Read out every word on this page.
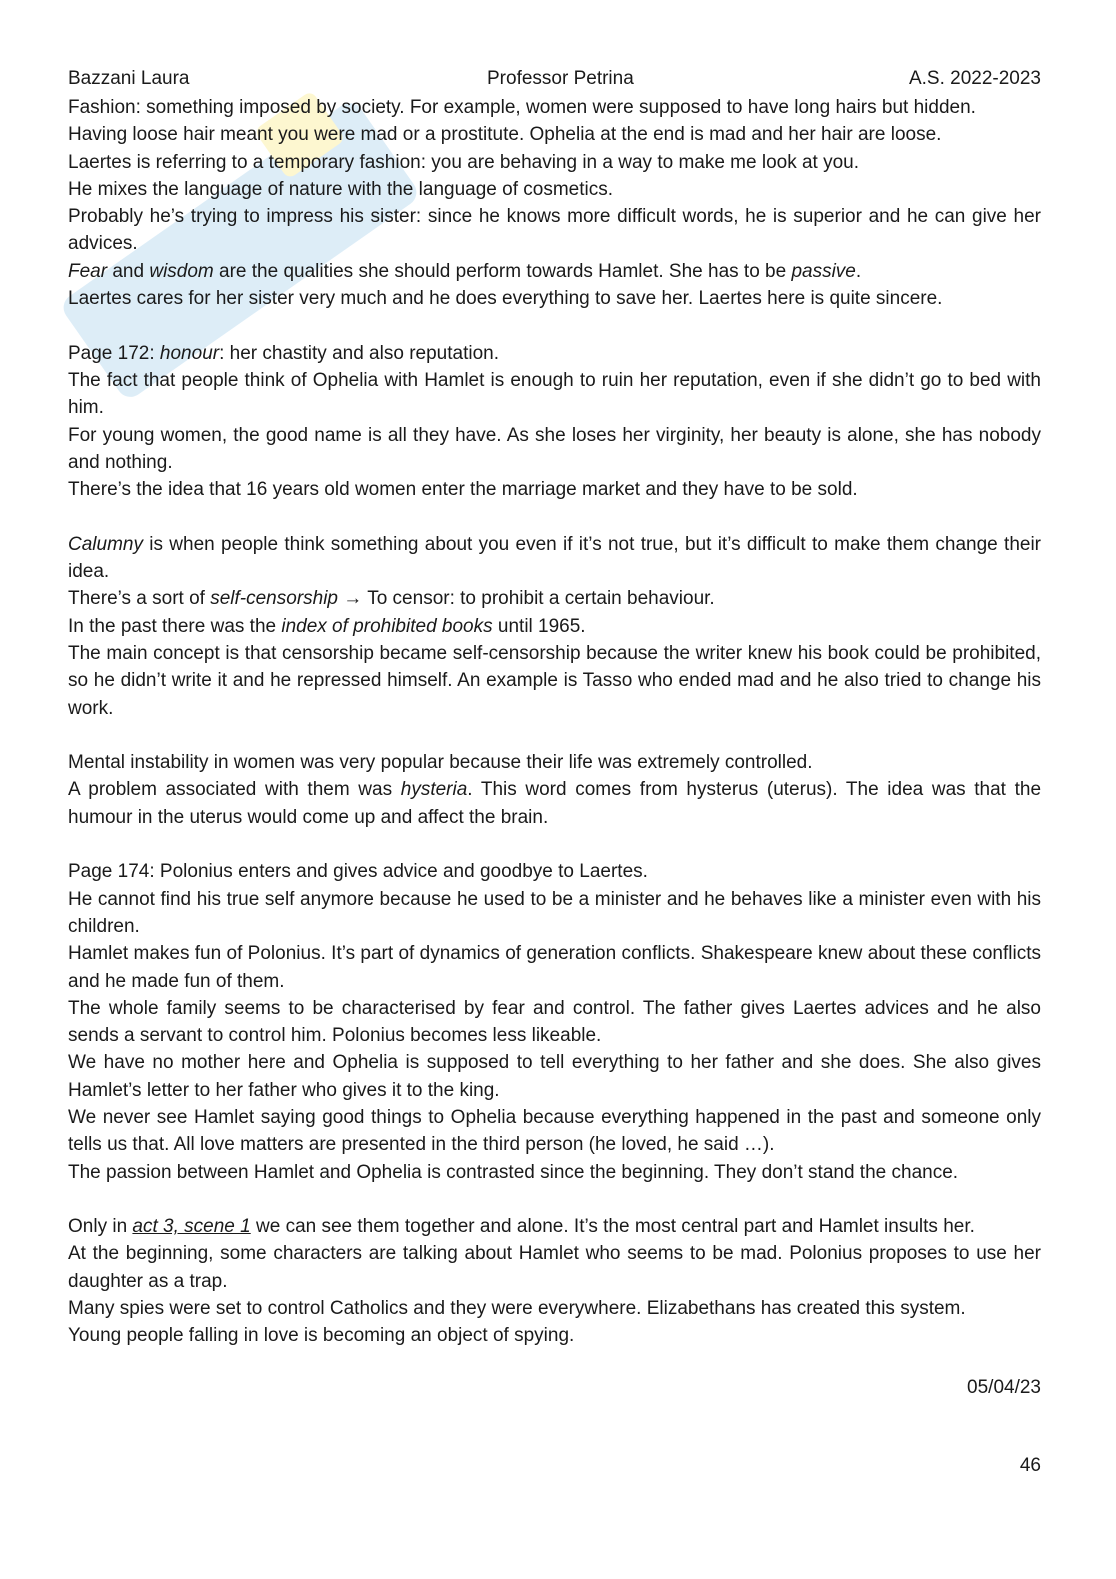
Bazzani Laura	Professor Petrina	A.S. 2022-2023

Fashion: something imposed by society. For example, women were supposed to have long hairs but hidden.

Having loose hair meant you were mad or a prostitute. Ophelia at the end is mad and her hair are loose.

Laertes is referring to a temporary fashion: you are behaving in a way to make me look at you.

He mixes the language of nature with the language of cosmetics.

Probably he’s trying to impress his sister: since he knows more difficult words, he is superior and he can give her advices.

Fear and wisdom are the qualities she should perform towards Hamlet. She has to be passive.

Laertes cares for her sister very much and he does everything to save her. Laertes here is quite sincere.

Page 172: honour: her chastity and also reputation.

The fact that people think of Ophelia with Hamlet is enough to ruin her reputation, even if she didn’t go to bed with him.

For young women, the good name is all they have. As she loses her virginity, her beauty is alone, she has nobody and nothing.

There’s the idea that 16 years old women enter the marriage market and they have to be sold.

Calumny is when people think something about you even if it’s not true, but it’s difficult to make them change their idea.

There’s a sort of self-censorship → To censor: to prohibit a certain behaviour.

In the past there was the index of prohibited books until 1965.

The main concept is that censorship became self-censorship because the writer knew his book could be prohibited, so he didn’t write it and he repressed himself. An example is Tasso who ended mad and he also tried to change his work.

Mental instability in women was very popular because their life was extremely controlled.

A problem associated with them was hysteria. This word comes from hysterus (uterus). The idea was that the humour in the uterus would come up and affect the brain.

Page 174: Polonius enters and gives advice and goodbye to Laertes.

He cannot find his true self anymore because he used to be a minister and he behaves like a minister even with his children.

Hamlet makes fun of Polonius. It’s part of dynamics of generation conflicts. Shakespeare knew about these conflicts and he made fun of them.

The whole family seems to be characterised by fear and control. The father gives Laertes advices and he also sends a servant to control him. Polonius becomes less likeable.

We have no mother here and Ophelia is supposed to tell everything to her father and she does. She also gives Hamlet’s letter to her father who gives it to the king.

We never see Hamlet saying good things to Ophelia because everything happened in the past and someone only tells us that. All love matters are presented in the third person (he loved, he said …).

The passion between Hamlet and Ophelia is contrasted since the beginning. They don’t stand the chance.

Only in act 3, scene 1 we can see them together and alone. It’s the most central part and Hamlet insults her.

At the beginning, some characters are talking about Hamlet who seems to be mad. Polonius proposes to use her daughter as a trap.

Many spies were set to control Catholics and they were everywhere. Elizabethans has created this system.

Young people falling in love is becoming an object of spying.

05/04/23
46
